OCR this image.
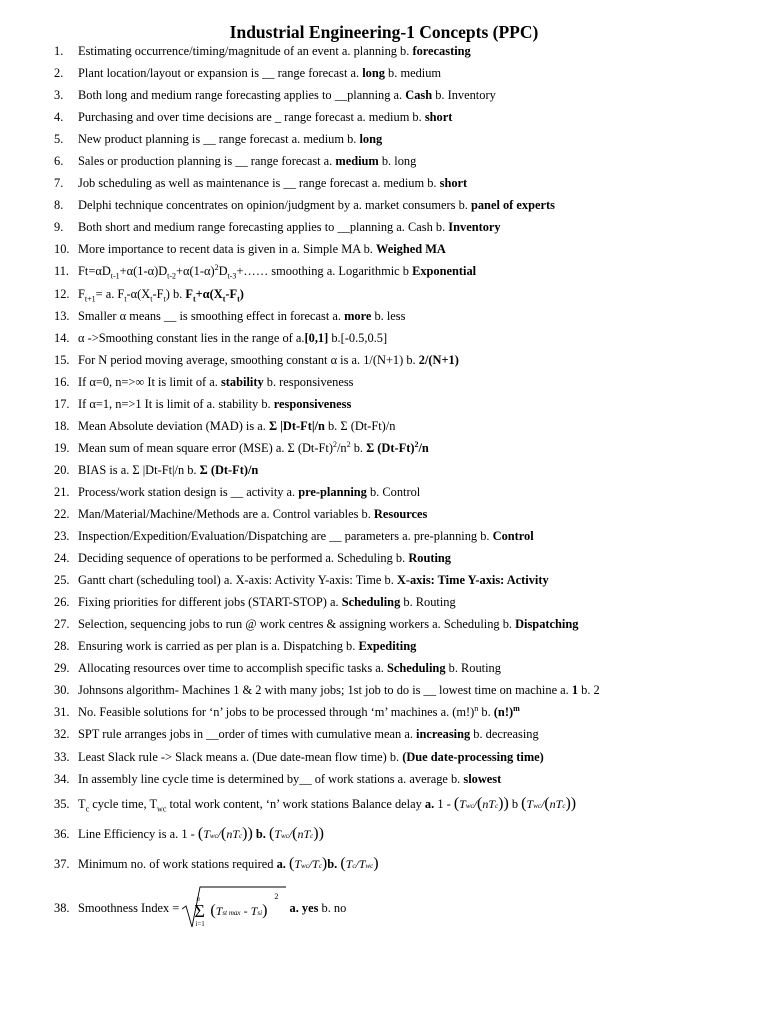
Industrial Engineering-1 Concepts (PPC)
1. Estimating occurrence/timing/magnitude of an event a. planning b. forecasting
2. Plant location/layout or expansion is __ range forecast a. long b. medium
3. Both long and medium range forecasting applies to __planning a. Cash b. Inventory
4. Purchasing and over time decisions are _ range forecast a. medium b. short
5. New product planning is __ range forecast a. medium b. long
6. Sales or production planning is __ range forecast a. medium b. long
7. Job scheduling as well as maintenance is __ range forecast a. medium b. short
8. Delphi technique concentrates on opinion/judgment by a. market consumers b. panel of experts
9. Both short and medium range forecasting applies to __planning a. Cash b. Inventory
10. More importance to recent data is given in a. Simple MA b. Weighed MA
11. $Ft=\alpha D_{t-1}+\alpha(1-\alpha)D_{t-2}+\alpha(1-\alpha)^2D_{t-3}+\dots\dots$ smoothing a. Logarithmic b Exponential
12. $F_{t+1}= a$. $F_t-\alpha(X_t-F_t)$ b. $F_t+\alpha(X_t-F_t)$
13. Smaller α means __ is smoothing effect in forecast a. more b. less
14. α ->Smoothing constant lies in the range of a.[0,1] b.[-0.5,0.5]
15. For N period moving average, smoothing constant α is a. 1/(N+1) b. 2/(N+1)
16. If α=0, n=>∞ It is limit of a. stability b. responsiveness
17. If α=1, n=>1 It is limit of a. stability b. responsiveness
18. Mean Absolute deviation (MAD) is a. Σ |Dt-Ft|/n b. Σ (Dt-Ft)/n
19. Mean sum of mean square error (MSE) a. Σ $(Dt-Ft)^2/n^2$ b. Σ $(Dt-Ft)^2/n$
20. BIAS is a. Σ |Dt-Ft|/n b. Σ (Dt-Ft)/n
21. Process/work station design is __ activity a. pre-planning b. Control
22. Man/Material/Machine/Methods are a. Control variables b. Resources
23. Inspection/Expedition/Evaluation/Dispatching are __ parameters a. pre-planning b. Control
24. Deciding sequence of operations to be performed a. Scheduling b. Routing
25. Gantt chart (scheduling tool) a. X-axis: Activity Y-axis: Time b. X-axis: Time Y-axis: Activity
26. Fixing priorities for different jobs (START-STOP) a. Scheduling b. Routing
27. Selection, sequencing jobs to run @ work centres & assigning workers a. Scheduling b. Dispatching
28. Ensuring work is carried as per plan is a. Dispatching b. Expediting
29. Allocating resources over time to accomplish specific tasks a. Scheduling b. Routing
30. Johnsons algorithm- Machines 1 & 2 with many jobs; 1st job to do is __ lowest time on machine a. 1 b. 2
31. No. Feasible solutions for ‘n’ jobs to be processed through ‘m’ machines a. $(m!)^n$ b. $(n!)^m$
32. SPT rule arranges jobs in __order of times with cumulative mean a. increasing b. decreasing
33. Least Slack rule -> Slack means a. (Due date-mean flow time) b. (Due date-processing time)
34. In assembly line cycle time is determined by__ of work stations a. average b. slowest
35. $T_c$ cycle time, $T_{wc}$ total work content, ‘n’ work stations Balance delay a. 1 - (Twc/(nTc)) b (Twc/(nTc))
36. Line Efficiency is a. 1 - (Twc/(nTc)) b. (Twc/(nTc))
37. Minimum no. of work stations required a. (Twc/Tc)b. (Tc/Twc)
38. Smoothness Index =
n
Σ
i=1
(Tst max - Tsi)
2
a. yes b. no
